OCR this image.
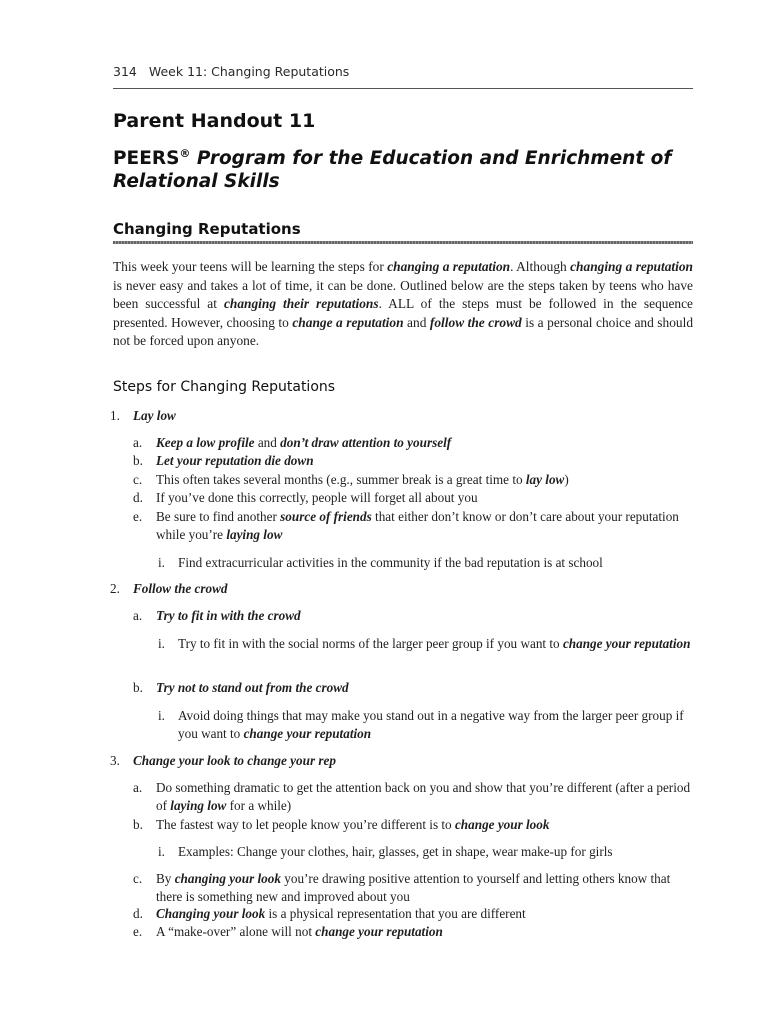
314 Week 11: Changing Reputations
Parent Handout 11
PEERS® Program for the Education and Enrichment of Relational Skills
Changing Reputations
This week your teens will be learning the steps for changing a reputation. Although changing a reputation is never easy and takes a lot of time, it can be done. Outlined below are the steps taken by teens who have been successful at changing their reputations. ALL of the steps must be followed in the sequence presented. However, choosing to change a reputation and follow the crowd is a personal choice and should not be forced upon anyone.
Steps for Changing Reputations
1. Lay low
a. Keep a low profile and don’t draw attention to yourself
b. Let your reputation die down
c. This often takes several months (e.g., summer break is a great time to lay low)
d. If you’ve done this correctly, people will forget all about you
e. Be sure to find another source of friends that either don’t know or don’t care about your reputation while you’re laying low
i. Find extracurricular activities in the community if the bad reputation is at school
2. Follow the crowd
a. Try to fit in with the crowd
i. Try to fit in with the social norms of the larger peer group if you want to change your reputation
b. Try not to stand out from the crowd
i. Avoid doing things that may make you stand out in a negative way from the larger peer group if you want to change your reputation
3. Change your look to change your rep
a. Do something dramatic to get the attention back on you and show that you’re different (after a period of laying low for a while)
b. The fastest way to let people know you’re different is to change your look
i. Examples: Change your clothes, hair, glasses, get in shape, wear make-up for girls
c. By changing your look you’re drawing positive attention to yourself and letting others know that there is something new and improved about you
d. Changing your look is a physical representation that you are different
e. A “make-over” alone will not change your reputation
